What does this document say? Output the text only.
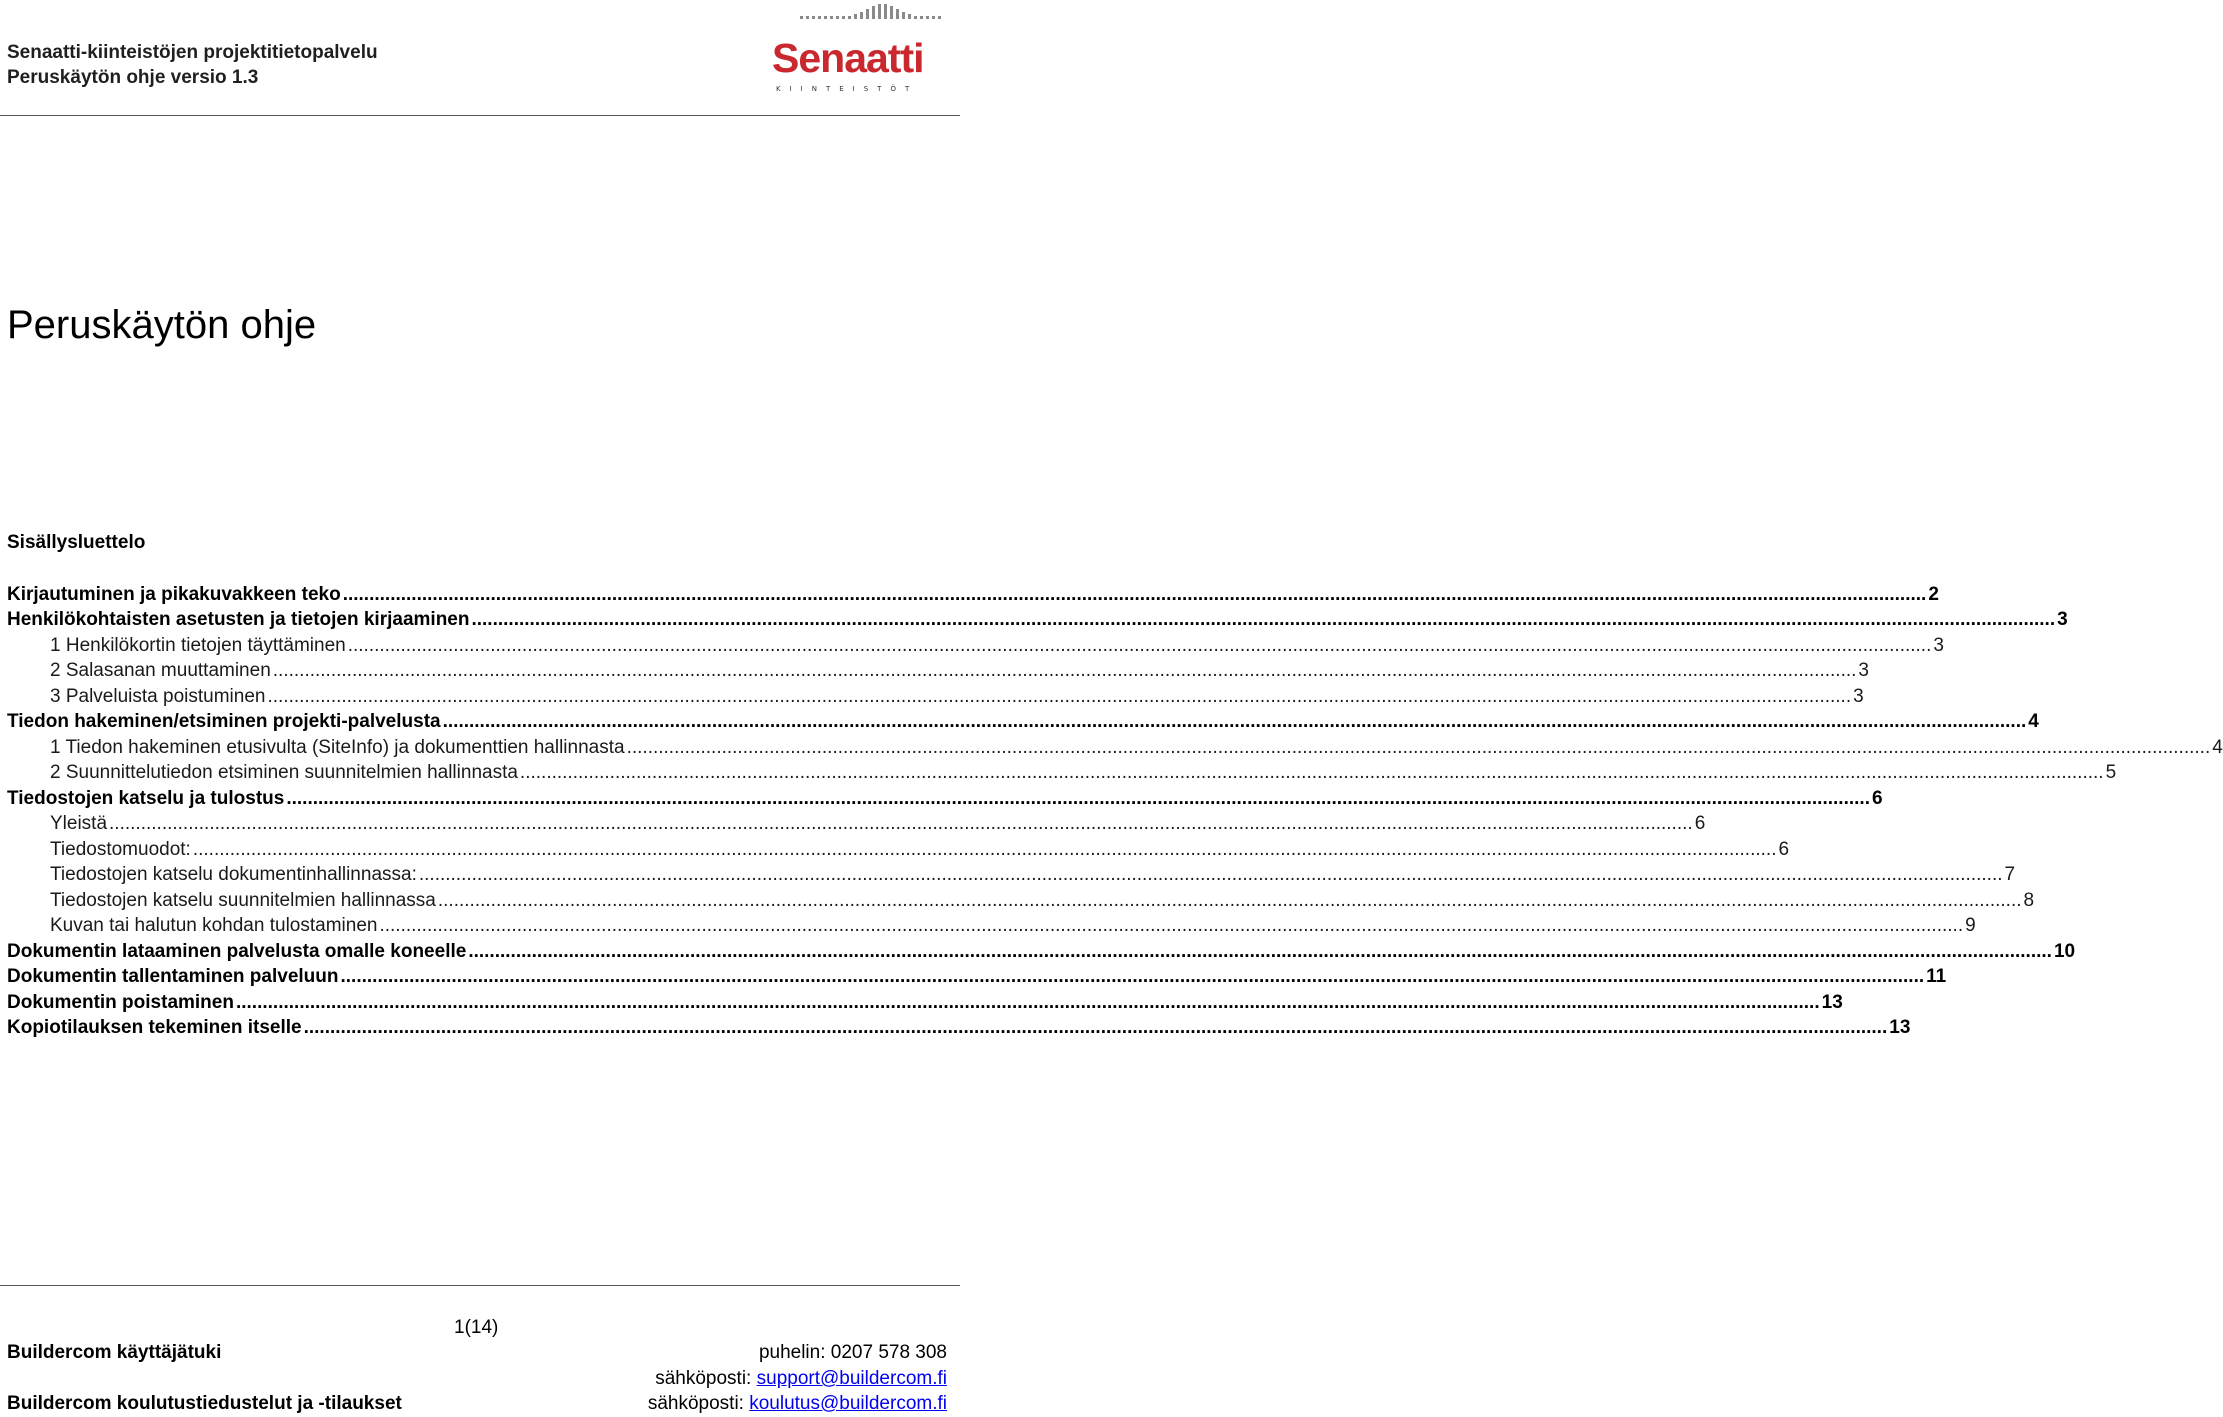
Senaatti-kiinteistöjen projektitietopalvelu
Peruskäytön ohje versio 1.3	Senaatti
KIINTEISTÖT
Peruskäytön ohje
Sisällysluettelo
Kirjautuminen ja pikakuvakkeen teko ............................................................................................................................................................................................................................................................................................................ 2
Henkilökohtaisten asetusten ja tietojen kirjaaminen ............................................................................................................................................................................................................................................................................................................ 3
1 Henkilökortin tietojen täyttäminen ............................................................................................................................................................................................................................................................................................................ 3
2 Salasanan muuttaminen ............................................................................................................................................................................................................................................................................................................ 3
3 Palveluista poistuminen ............................................................................................................................................................................................................................................................................................................ 3
Tiedon hakeminen/etsiminen projekti-palvelusta ............................................................................................................................................................................................................................................................................................................ 4
1 Tiedon hakeminen etusivulta (SiteInfo) ja dokumenttien hallinnasta ............................................................................................................................................................................................................................................................................................................ 4
2 Suunnittelutiedon etsiminen suunnitelmien hallinnasta ............................................................................................................................................................................................................................................................................................................ 5
Tiedostojen katselu ja tulostus ............................................................................................................................................................................................................................................................................................................ 6
Yleistä ............................................................................................................................................................................................................................................................................................................ 6
Tiedostomuodot: ............................................................................................................................................................................................................................................................................................................ 6
Tiedostojen katselu dokumentinhallinnassa: ............................................................................................................................................................................................................................................................................................................ 7
Tiedostojen katselu suunnitelmien hallinnassa ............................................................................................................................................................................................................................................................................................................ 8
Kuvan tai halutun kohdan tulostaminen ............................................................................................................................................................................................................................................................................................................ 9
Dokumentin lataaminen palvelusta omalle koneelle ............................................................................................................................................................................................................................................................................................................ 10
Dokumentin tallentaminen palveluun ............................................................................................................................................................................................................................................................................................................ 11
Dokumentin poistaminen ............................................................................................................................................................................................................................................................................................................ 13
Kopiotilauksen tekeminen itselle ............................................................................................................................................................................................................................................................................................................ 13
1(14)
Buildercom käyttäjätuki
Buildercom koulutustiedustelut ja -tilaukset
puhelin: 0207 578 308
sähköposti: support@buildercom.fi
sähköposti: koulutus@buildercom.fi
